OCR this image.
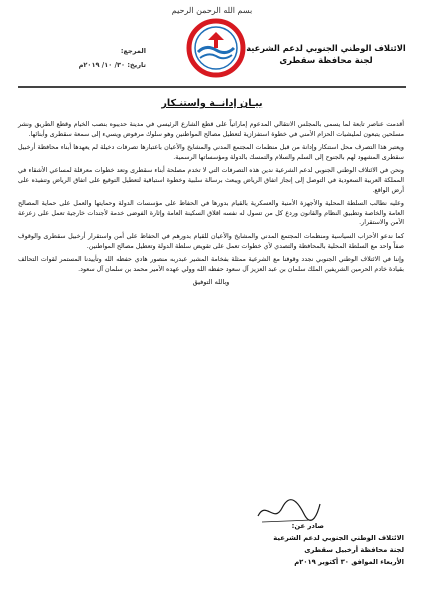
بسم الله الرحمن الرحيم
الائتلاف الوطني الجنوبي لدعم الشرعية
لجنة محافظة سقطرى
المرجع:
تاريخ: ٣٠/ ١٠/ ٢٠١٩م
بيـان إدانــة واستنـكار

أقدمت عناصر تابعة لما يسمى بالمجلس الانتقالي المدعوم إماراتياً على قطع الشارع الرئيسي في مدينة حديبوه بنصب الخيام وقطع الطريق ونشر مسلحين يتبعون لمليشيات الحزام الأمني في خطوة استفزازية لتعطيل مصالح المواطنين وهو سلوك مرفوض ويسيء إلى سمعة سقطرى وأبنائها.

ويعتبر هذا التصرف محل استنكار وإدانة من قبل منظمات المجتمع المدني والمشايخ والأعيان باعتبارها تصرفات دخيلة لم يعهدها أبناء محافظة أرخبيل سقطرى المشهود لهم بالجنوح إلى السلم والسلام والتمسك بالدولة ومؤسساتها الرسمية.

ونحن في الائتلاف الوطني الجنوبي لدعم الشرعية ندين هذه التصرفات التي لا تخدم مصلحة أبناء سقطرى وتعد خطوات معرقلة لمساعي الأشقاء في المملكة العربية السعودية في التوصل إلى إنجاز اتفاق الرياض ويبعث برسالة سلبية وخطوة استباقية لتعطيل التوقيع على اتفاق الرياض وتنفيذه على أرض الواقع.

وعليه نطالب السلطة المحلية والأجهزة الأمنية والعسكرية بالقيام بدورها في الحفاظ على مؤسسات الدولة وحمايتها والعمل على حماية المصالح العامة والخاصة وتطبيق النظام والقانون وردع كل من تسول له نفسه اقلاق السكينة العامة وإثارة الفوضى خدمة لأجندات خارجية تعمل على زعزعة الأمن والاستقرار.

كما ندعو الأحزاب السياسية ومنظمات المجتمع المدني والمشايخ والأعيان للقيام بدورهم في الحفاظ على أمن واستقرار أرخبيل سقطرى والوقوف صفاً واحد مع السلطة المحلية بالمحافظة والتصدي لأي خطوات تعمل على تقويض سلطة الدولة وتعطيل مصالح المواطنين.

وإننا في الائتلاف الوطني الجنوبي نجدد وقوفنا مع الشرعية ممثلة بفخامة المشير عبدربه منصور هادي حفظه الله وتأييدنا المستمر لقوات التحالف بقيادة خادم الحرمين الشريفين الملك سلمان بن عبد العزيز آل سعود حفظه الله وولي عهده الأمير محمد بن سلمان آل سعود.

وبالله التوفيق
صادر عن:
الائتلاف الوطني الجنوبي لدعم الشرعية
لجنة محافظة أرخبيل سقطرى
الأربعاء الموافق ٣٠ أكتوبر ٢٠١٩م
